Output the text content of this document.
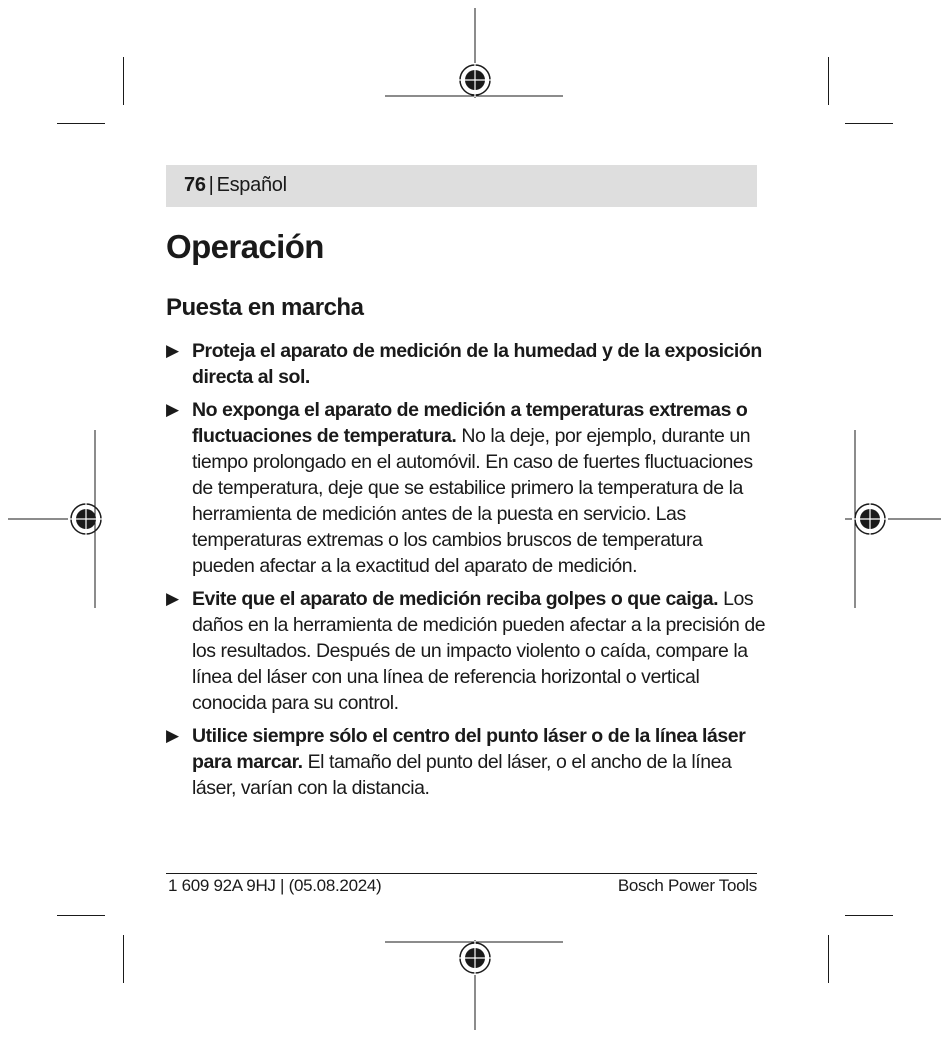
76 | Español
Operación
Puesta en marcha
▶ Proteja el aparato de medición de la humedad y de la exposición directa al sol.
▶ No exponga el aparato de medición a temperaturas extremas o fluctuaciones de temperatura. No la deje, por ejemplo, durante un tiempo prolongado en el automóvil. En caso de fuertes fluctuaciones de temperatura, deje que se estabilice primero la temperatura de la herramienta de medición antes de la puesta en servicio. Las temperaturas extremas o los cambios bruscos de temperatura pueden afectar a la exactitud del aparato de medición.
▶ Evite que el aparato de medición reciba golpes o que caiga. Los daños en la herramienta de medición pueden afectar a la precisión de los resultados. Después de un impacto violento o caída, compare la línea del láser con una línea de referencia horizontal o vertical conocida para su control.
▶ Utilice siempre sólo el centro del punto láser o de la línea láser para marcar. El tamaño del punto del láser, o el ancho de la línea láser, varían con la distancia.
1 609 92A 9HJ | (05.08.2024)	Bosch Power Tools
